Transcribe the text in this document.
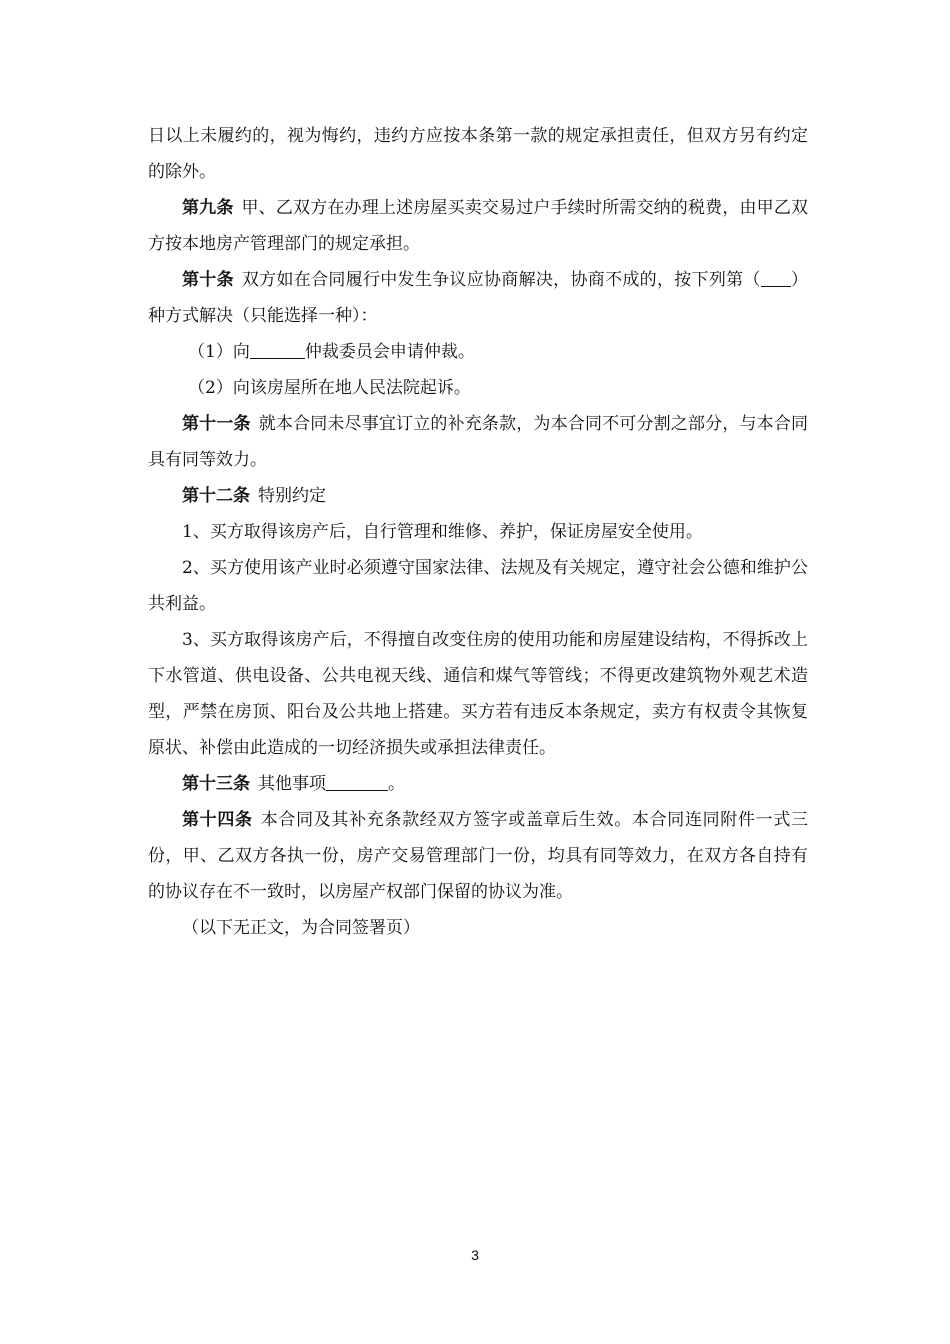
日以上未履约的，视为悔约，违约方应按本条第一款的规定承担责任，但双方另有约定的除外。

第九条 甲、乙双方在办理上述房屋买卖交易过户手续时所需交纳的税费，由甲乙双方按本地房产管理部门的规定承担。

第十条 双方如在合同履行中发生争议应协商解决，协商不成的，按下列第（ ）种方式解决（只能选择一种）：

（1）向	仲裁委员会申请仲裁。

（2）向该房屋所在地人民法院起诉。

第十一条 就本合同未尽事宜订立的补充条款，为本合同不可分割之部分，与本合同具有同等效力。

第十二条 特别约定

1、买方取得该房产后，自行管理和维修、养护，保证房屋安全使用。

2、买方使用该产业时必须遵守国家法律、法规及有关规定，遵守社会公德和维护公共利益。

3、买方取得该房产后，不得擅自改变住房的使用功能和房屋建设结构，不得拆改上下水管道、供电设备、公共电视天线、通信和煤气等管线；不得更改建筑物外观艺术造型，严禁在房顶、阳台及公共地上搭建。买方若有违反本条规定，卖方有权责令其恢复原状、补偿由此造成的一切经济损失或承担法律责任。

第十三条 其他事项	。

第十四条 本合同及其补充条款经双方签字或盖章后生效。本合同连同附件一式三份，甲、乙双方各执一份，房产交易管理部门一份，均具有同等效力，在双方各自持有的协议存在不一致时，以房屋产权部门保留的协议为准。

（以下无正文，为合同签署页）

3
